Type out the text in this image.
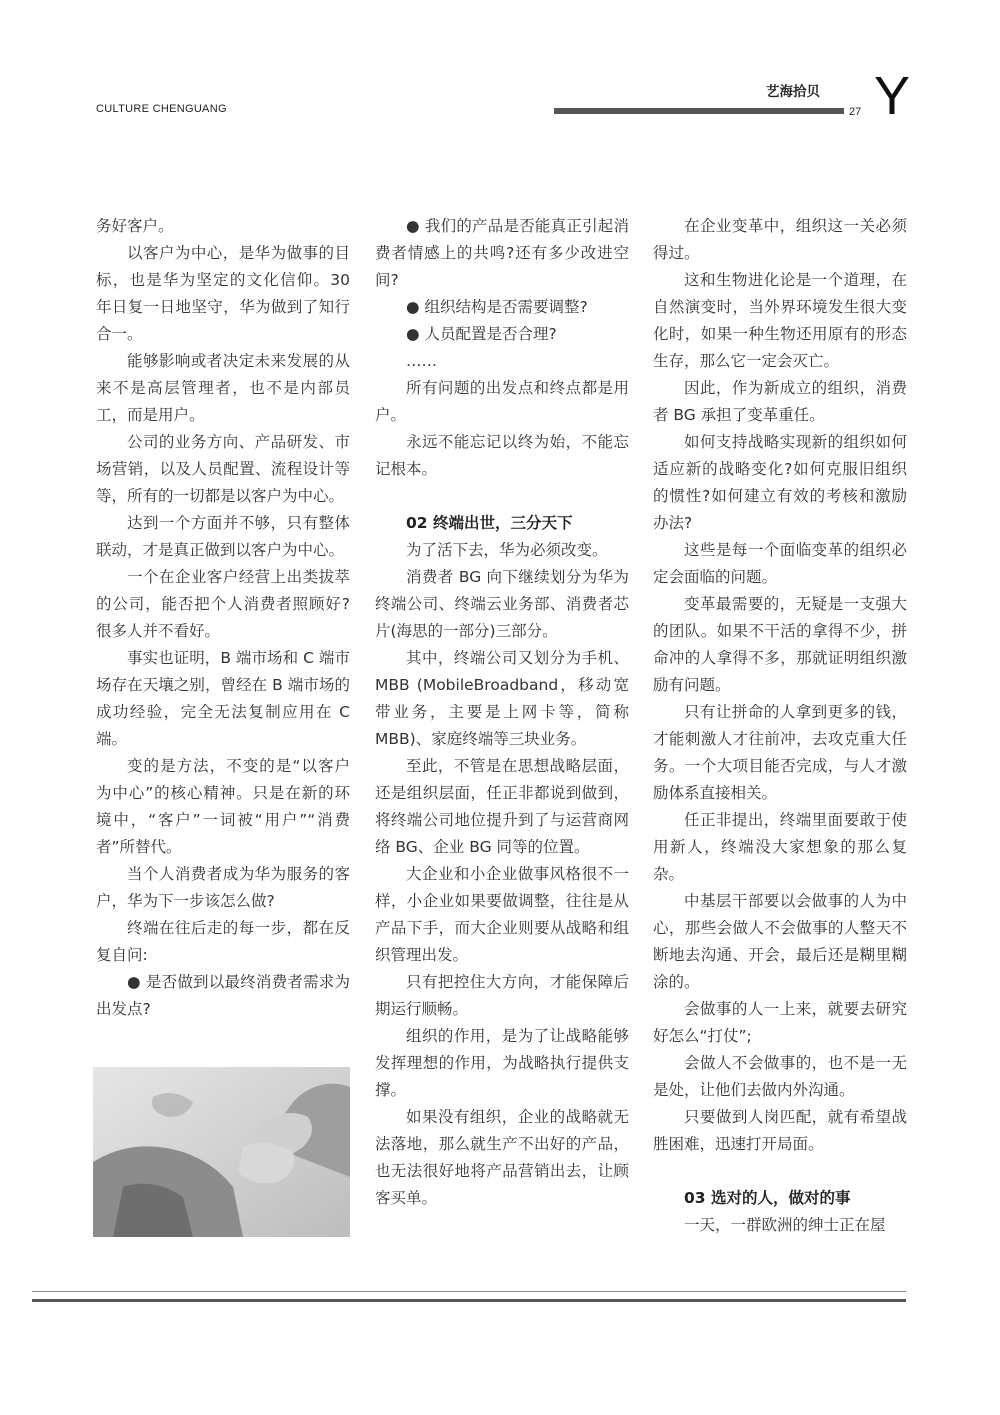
CULTURE CHENGUANG
艺海拾贝
27 Y

务好客户。

以客户为中心，是华为做事的目标，也是华为坚定的文化信仰。30 年日复一日地坚守，华为做到了知行合一。

能够影响或者决定未来发展的从来不是高层管理者，也不是内部员工，而是用户。

公司的业务方向、产品研发、市场营销，以及人员配置、流程设计等等，所有的一切都是以客户为中心。

达到一个方面并不够，只有整体联动，才是真正做到以客户为中心。

一个在企业客户经营上出类拔萃的公司，能否把个人消费者照顾好?很多人并不看好。

事实也证明，B 端市场和 C 端市场存在天壤之别，曾经在 B 端市场的成功经验，完全无法复制应用在 C 端。

变的是方法，不变的是“以客户为中心”的核心精神。只是在新的环境中，“客户”一词被“用户”“消费者”所替代。

当个人消费者成为华为服务的客户，华为下一步该怎么做?

终端在往后走的每一步，都在反复自问:

● 是否做到以最终消费者需求为出发点?

● 我们的产品是否能真正引起消费者情感上的共鸣?还有多少改进空间?

● 组织结构是否需要调整?

● 人员配置是否合理?

……

所有问题的出发点和终点都是用户。

永远不能忘记以终为始，不能忘记根本。

02 终端出世，三分天下

为了活下去，华为必须改变。

消费者 BG 向下继续划分为华为终端公司、终端云业务部、消费者芯片(海思的一部分)三部分。

其中，终端公司又划分为手机、MBB (MobileBroadband，移动宽带业务，主要是上网卡等，简称 MBB)、家庭终端等三块业务。

至此，不管是在思想战略层面，还是组织层面，任正非都说到做到，将终端公司地位提升到了与运营商网络 BG、企业 BG 同等的位置。

大企业和小企业做事风格很不一样，小企业如果要做调整，往往是从产品下手，而大企业则要从战略和组织管理出发。

只有把控住大方向，才能保障后期运行顺畅。

组织的作用，是为了让战略能够发挥理想的作用，为战略执行提供支撑。

如果没有组织，企业的战略就无法落地，那么就生产不出好的产品，也无法很好地将产品营销出去，让顾客买单。

在企业变革中，组织这一关必须得过。

这和生物进化论是一个道理，在自然演变时，当外界环境发生很大变化时，如果一种生物还用原有的形态生存，那么它一定会灭亡。

因此，作为新成立的组织，消费者 BG 承担了变革重任。

如何支持战略实现新的组织如何适应新的战略变化?如何克服旧组织的惯性?如何建立有效的考核和激励办法?

这些是每一个面临变革的组织必定会面临的问题。

变革最需要的，无疑是一支强大的团队。如果不干活的拿得不少，拼命冲的人拿得不多，那就证明组织激励有问题。

只有让拼命的人拿到更多的钱，才能刺激人才往前冲，去攻克重大任务。一个大项目能否完成，与人才激励体系直接相关。

任正非提出，终端里面要敢于使用新人，终端没大家想象的那么复杂。

中基层干部要以会做事的人为中心，那些会做人不会做事的人整天不断地去沟通、开会，最后还是糊里糊涂的。

会做事的人一上来，就要去研究好怎么“打仗”;

会做人不会做事的，也不是一无是处，让他们去做内外沟通。

只要做到人岗匹配，就有希望战胜困难，迅速打开局面。

03 选对的人，做对的事

一天，一群欧洲的绅士正在屋
